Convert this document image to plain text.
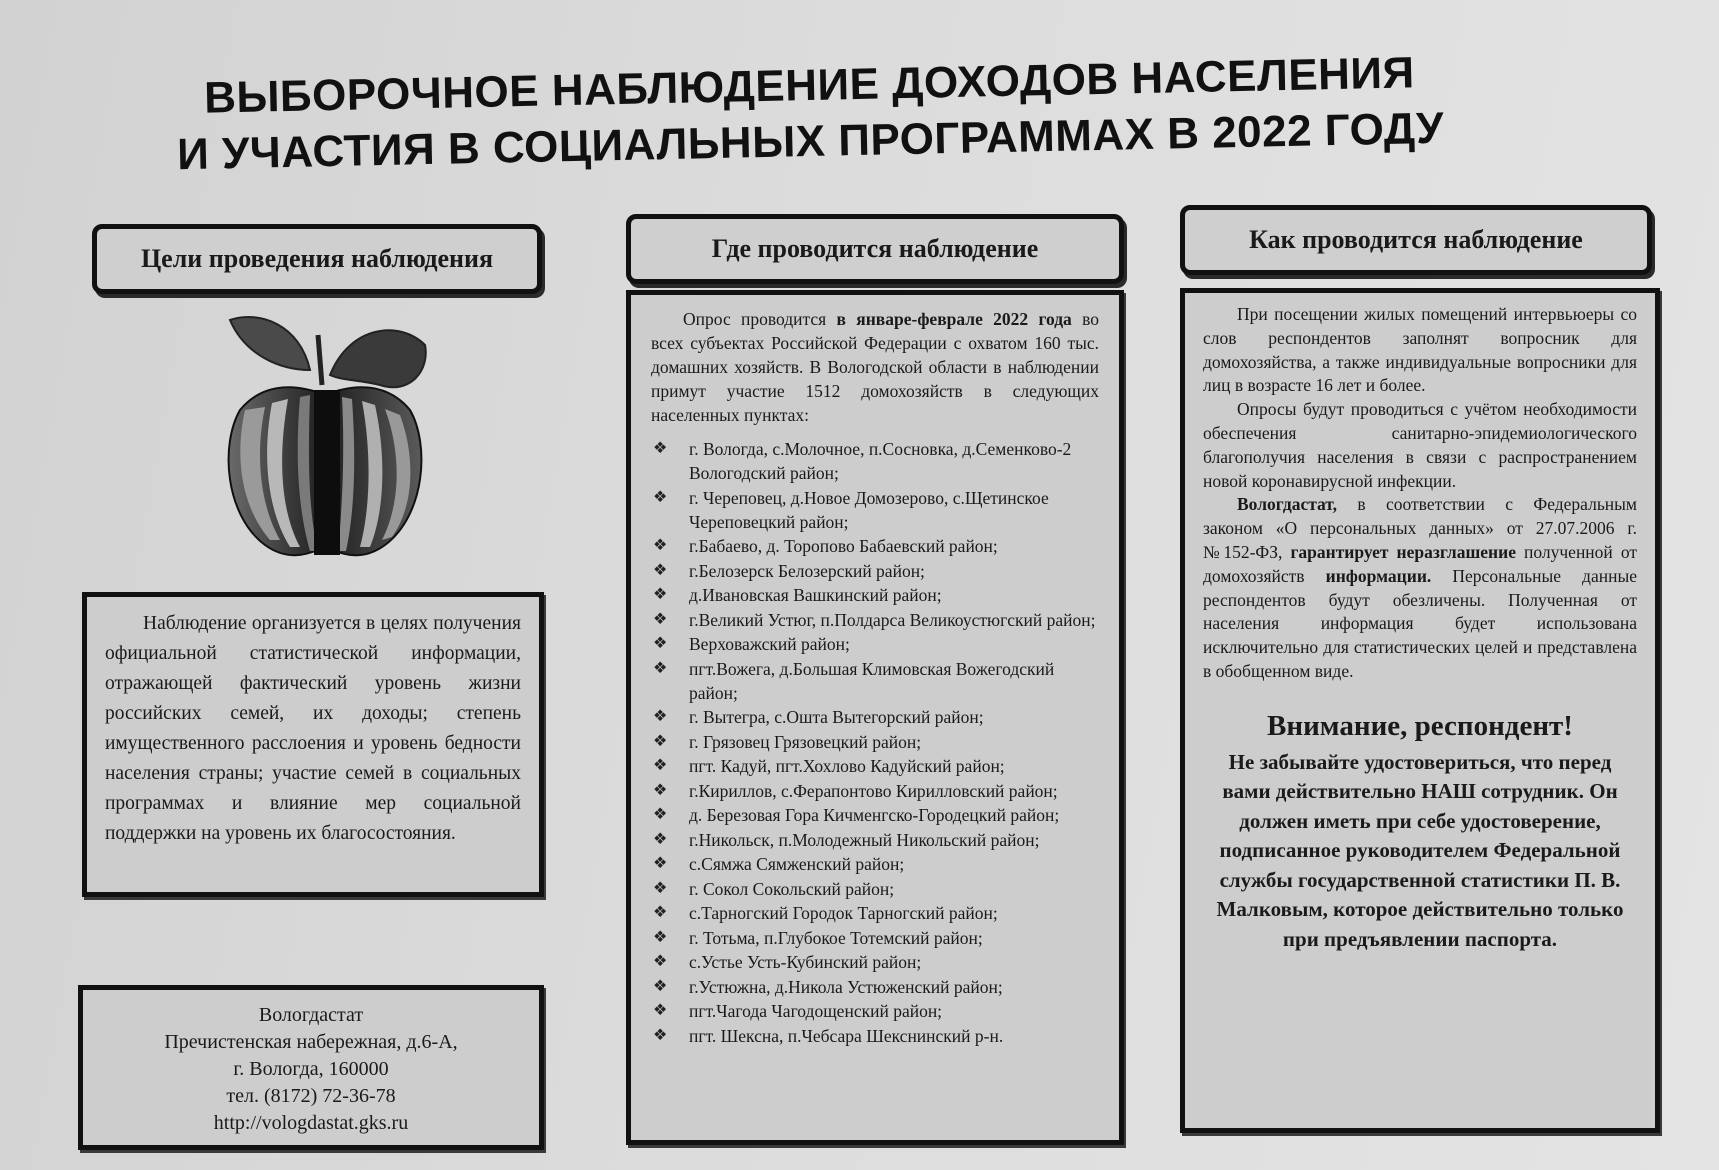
ВЫБОРОЧНОЕ НАБЛЮДЕНИЕ ДОХОДОВ НАСЕЛЕНИЯ
И УЧАСТИЯ В СОЦИАЛЬНЫХ ПРОГРАММАХ В 2022 ГОДУ
Цели проведения наблюдения

Наблюдение организуется в целях получения официальной статистической информации, отражающей фактический уровень жизни российских семей, их доходы; степень имущественного расслоения и уровень бедности населения страны; участие семей в социальных программах и влияние мер социальной поддержки на уровень их благосостояния.

Вологдастат
Пречистенская набережная, д.6-А,
г. Вологда, 160000
тел. (8172) 72-36-78
http://vologdastat.gks.ru
Где проводится наблюдение

Опрос проводится в январе-феврале 2022 года во всех субъектах Российской Федерации с охватом 160 тыс. домашних хозяйств. В Вологодской области в наблюдении примут участие 1512 домохозяйств в следующих населенных пунктах:

❖ г. Вологда, с.Молочное, п.Сосновка, д.Семенково-2 Вологодский район;
❖ г. Череповец, д.Новое Домозерово, с.Щетинское Череповецкий район;
❖ г.Бабаево, д. Торопово Бабаевский район;
❖ г.Белозерск Белозерский район;
❖ д.Ивановская Вашкинский район;
❖ г.Великий Устюг, п.Полдарса Великоустюгский район;
❖ Верховажский район;
❖ пгт.Вожега, д.Большая Климовская Вожегодский район;
❖ г. Вытегра, с.Оштa Вытегорский район;
❖ г. Грязовец Грязовецкий район;
❖ пгт. Кадуй, пгт.Хохлово Кадуйский район;
❖ г.Кириллов, с.Ферапонтово Кирилловский район;
❖ д. Березовая Гора Кичменгско-Городецкий район;
❖ г.Никольск, п.Молодежный Никольский район;
❖ с.Сямжа Сямженский район;
❖ г. Сокол Сокольский район;
❖ с.Тарногский Городок Тарногский район;
❖ г. Тотьма, п.Глубокое Тотемский район;
❖ с.Устье Усть-Кубинский район;
❖ г.Устюжна, д.Никола Устюженский район;
❖ пгт.Чагода Чагодощенский район;
❖ пгт. Шексна, п.Чебсара Шекснинский р-н.
Как проводится наблюдение

При посещении жилых помещений интервьюеры со слов респондентов заполнят вопросник для домохозяйства, а также индивидуальные вопросники для лиц в возрасте 16 лет и более.

Опросы будут проводиться с учётом необходимости обеспечения санитарно-эпидемиологического благополучия населения в связи с распространением новой коронавирусной инфекции.

Вологдастат, в соответствии с Федеральным законом «О персональных данных» от 27.07.2006 г. №152-ФЗ, гарантирует неразглашение полученной от домохозяйств информации. Персональные данные респондентов будут обезличены. Полученная от населения информация будет использована исключительно для статистических целей и представлена в обобщенном виде.

Внимание, респондент!
Не забывайте удостовериться, что перед вами действительно НАШ сотрудник. Он должен иметь при себе удостоверение, подписанное руководителем Федеральной службы государственной статистики П. В. Малковым, которое действительно только при предъявлении паспорта.
